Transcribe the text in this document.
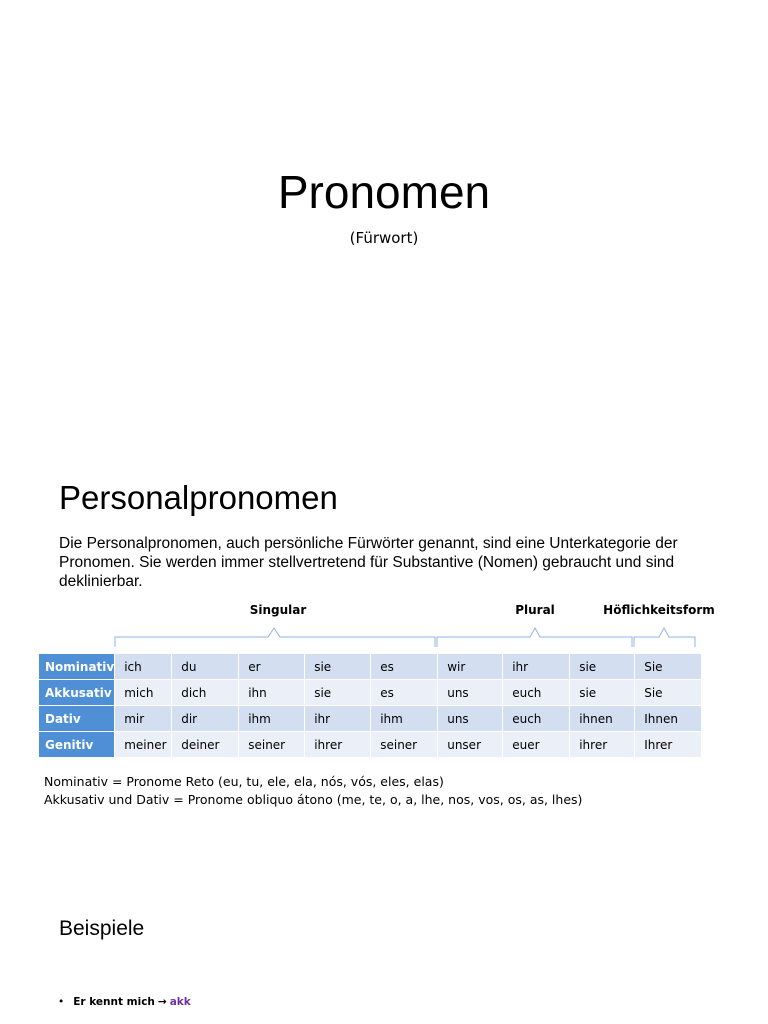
Pronomen
(Fürwort)
Personalpronomen
Die Personalpronomen, auch persönliche Fürwörter genannt, sind eine Unterkategorie der Pronomen. Sie werden immer stellvertretend für Substantive (Nomen) gebraucht und sind deklinierbar.
Singular	Plural	Höflichkeitsform
Nominativ	ich	du	er	sie	es	wir	ihr	sie	Sie
Akkusativ	mich	dich	ihn	sie	es	uns	euch	sie	Sie
Dativ	mir	dir	ihm	ihr	ihm	uns	euch	ihnen	Ihnen
Genitiv	meiner	deiner	seiner	ihrer	seiner	unser	euer	ihrer	Ihrer
Nominativ = Pronome Reto (eu, tu, ele, ela, nós, vós, eles, elas)
Akkusativ und Dativ = Pronome obliquo átono (me, te, o, a, lhe, nos, vos, os, as, lhes)
Beispiele
• Er kennt mich → akk
